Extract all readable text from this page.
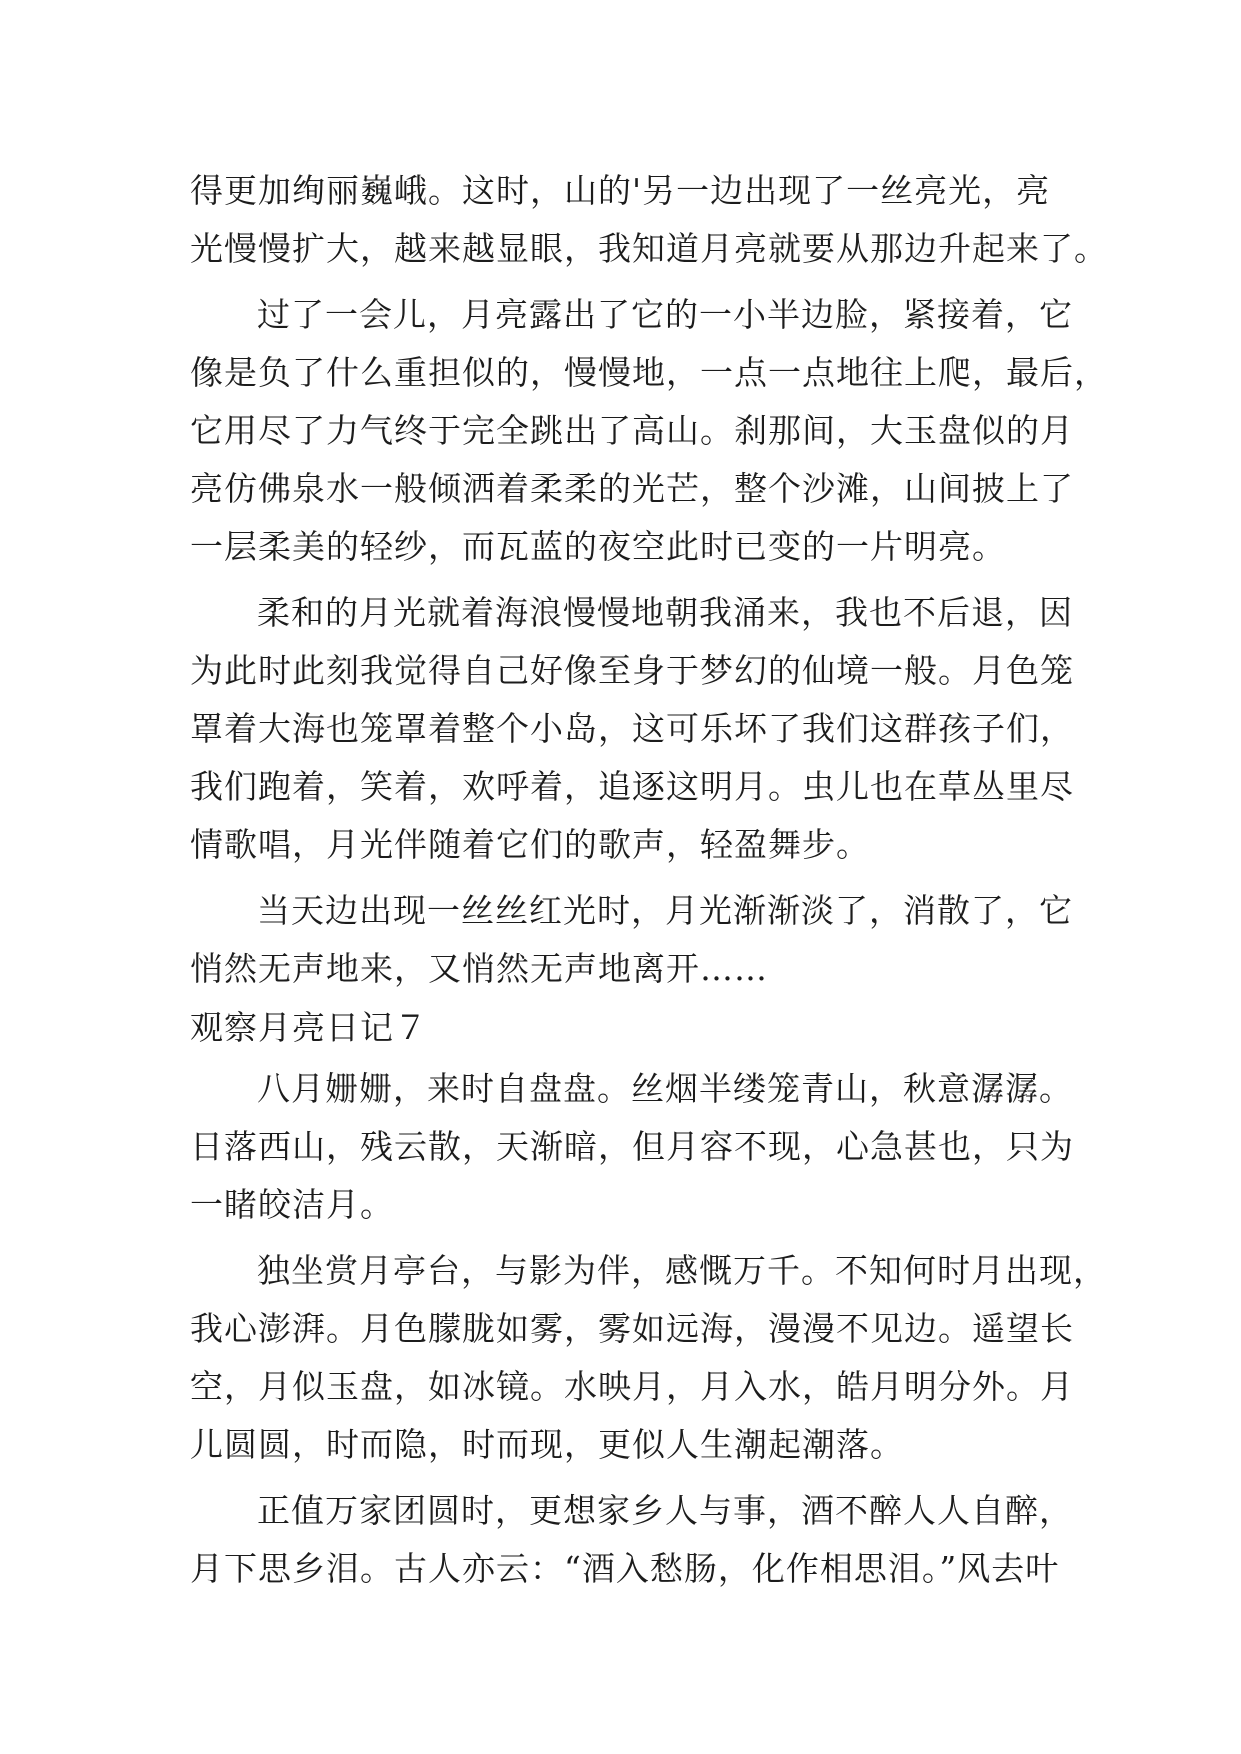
得更加绚丽巍峨。这时，山的'另一边出现了一丝亮光，亮
光慢慢扩大，越来越显眼，我知道月亮就要从那边升起来了。
过了一会儿，月亮露出了它的一小半边脸，紧接着，它
像是负了什么重担似的，慢慢地，一点一点地往上爬，最后，
它用尽了力气终于完全跳出了高山。刹那间，大玉盘似的月
亮仿佛泉水一般倾洒着柔柔的光芒，整个沙滩，山间披上了
一层柔美的轻纱，而瓦蓝的夜空此时已变的一片明亮。
柔和的月光就着海浪慢慢地朝我涌来，我也不后退，因
为此时此刻我觉得自己好像至身于梦幻的仙境一般。月色笼
罩着大海也笼罩着整个小岛，这可乐坏了我们这群孩子们，
我们跑着，笑着，欢呼着，追逐这明月。虫儿也在草丛里尽
情歌唱，月光伴随着它们的歌声，轻盈舞步。
当天边出现一丝丝红光时，月光渐渐淡了，消散了，它
悄然无声地来，又悄然无声地离开……
观察月亮日记７
八月姗姗，来时自盘盘。丝烟半缕笼青山，秋意潺潺。
日落西山，残云散，天渐暗，但月容不现，心急甚也，只为
一睹皎洁月。
独坐赏月亭台，与影为伴，感慨万千。不知何时月出现，
我心澎湃。月色朦胧如雾，雾如远海，漫漫不见边。遥望长
空，月似玉盘，如冰镜。水映月，月入水，皓月明分外。月
儿圆圆，时而隐，时而现，更似人生潮起潮落。
正值万家团圆时，更想家乡人与事，酒不醉人人自醉，
月下思乡泪。古人亦云：“酒入愁肠，化作相思泪。”风去叶
